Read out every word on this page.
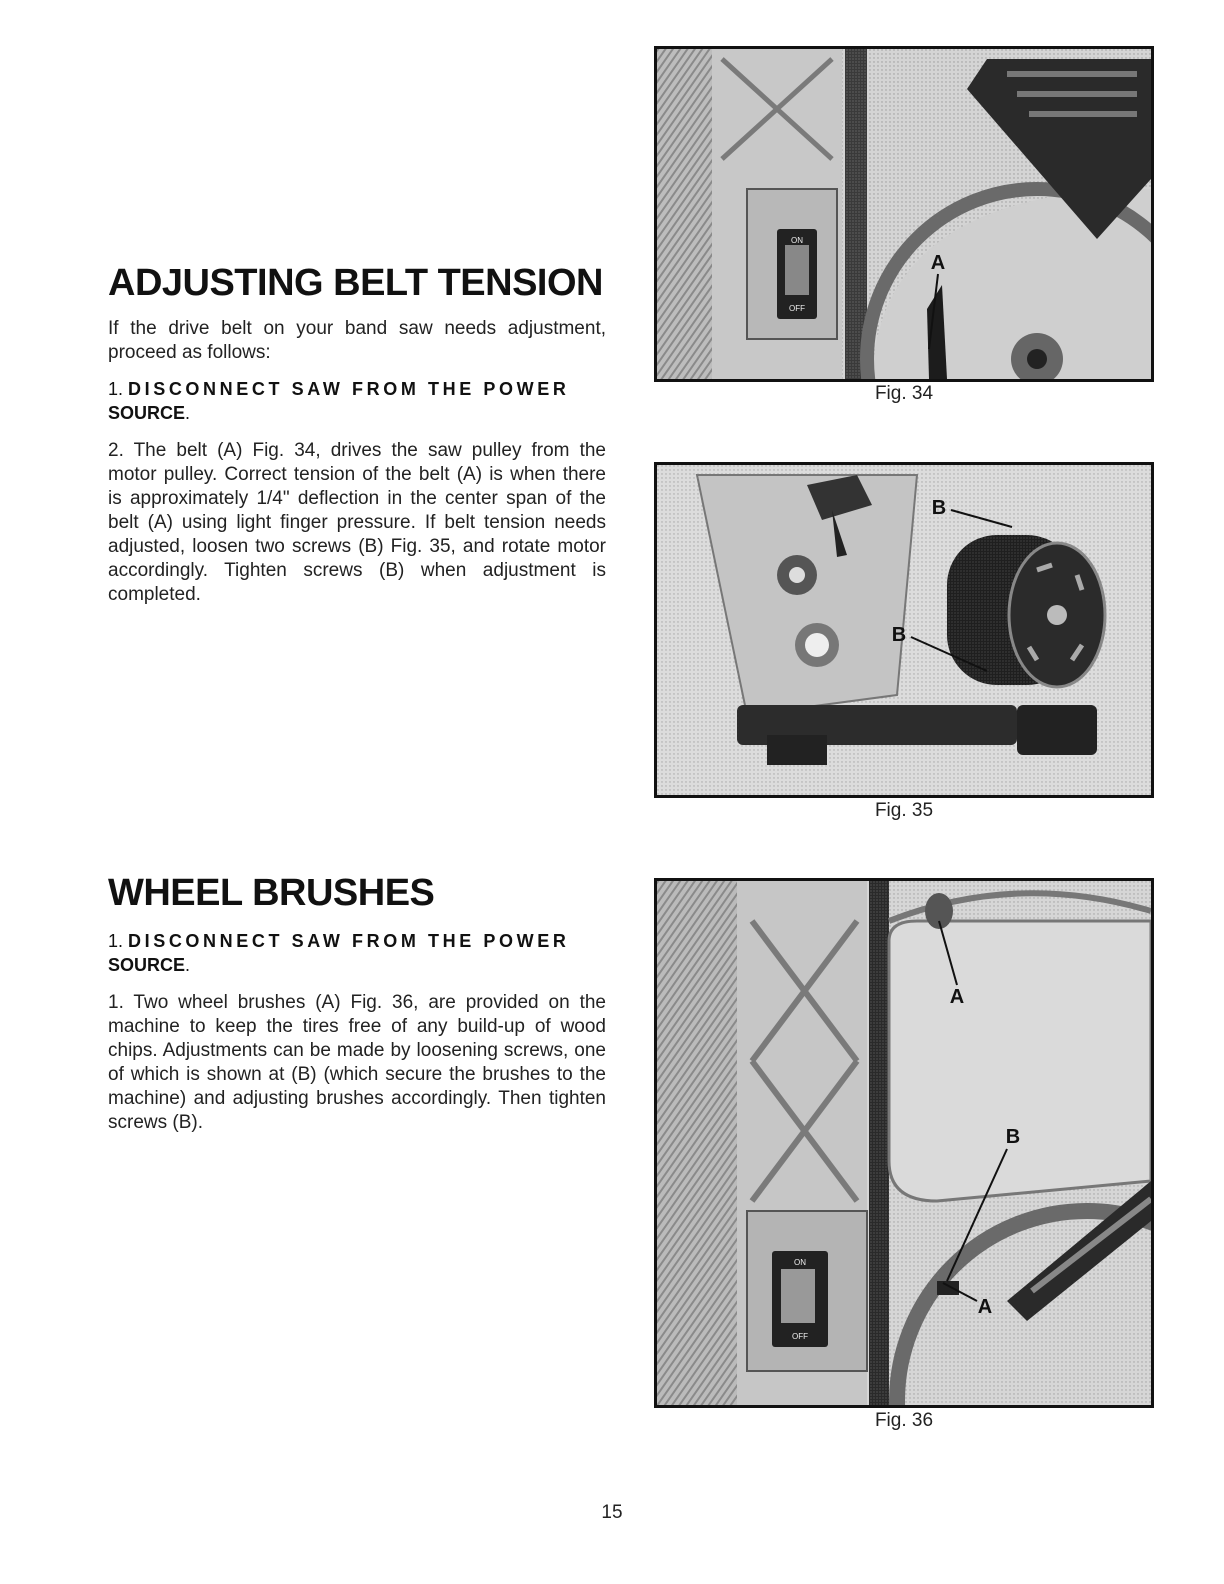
ADJUSTING BELT TENSION

If the drive belt on your band saw needs adjustment, proceed as follows:

1. DISCONNECT SAW FROM THE POWER
SOURCE.

2. The belt (A) Fig. 34, drives the saw pulley from the motor pulley. Correct tension of the belt (A) is when there is approximately 1/4" deflection in the center span of the belt (A) using light finger pressure. If belt tension needs adjusted, loosen two screws (B) Fig. 35, and rotate motor accordingly. Tighten screws (B) when adjustment is completed.

WHEEL BRUSHES

1. DISCONNECT SAW FROM THE POWER
SOURCE.

1. Two wheel brushes (A) Fig. 36, are provided on the machine to keep the tires free of any build-up of wood chips. Adjustments can be made by loosening screws, one of which is shown at (B) (which secure the brushes to the machine) and adjusting brushes accordingly. Then tighten screws (B).

ON
OFF
A
Fig. 34
B
B
Fig. 35
ON
OFF
A
B
A
Fig. 36
15
